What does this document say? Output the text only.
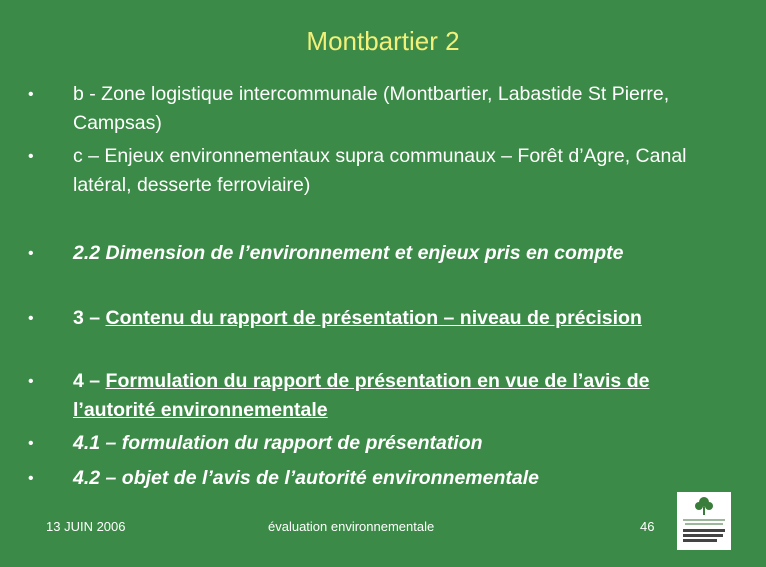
Montbartier 2
• b - Zone logistique intercommunale (Montbartier, Labastide St Pierre, Campsas)
• c – Enjeux environnementaux supra communaux – Forêt d’Agre, Canal latéral, desserte ferroviaire)
• 2.2 Dimension de l’environnement et enjeux pris en compte
• 3 – Contenu du rapport de présentation – niveau de précision
• 4 – Formulation du rapport de présentation en vue de l’avis de l’autorité environnementale
• 4.1 – formulation du rapport de présentation
• 4.2 – objet de l’avis de l’autorité environnementale
13 JUIN 2006	évaluation environnementale	46
